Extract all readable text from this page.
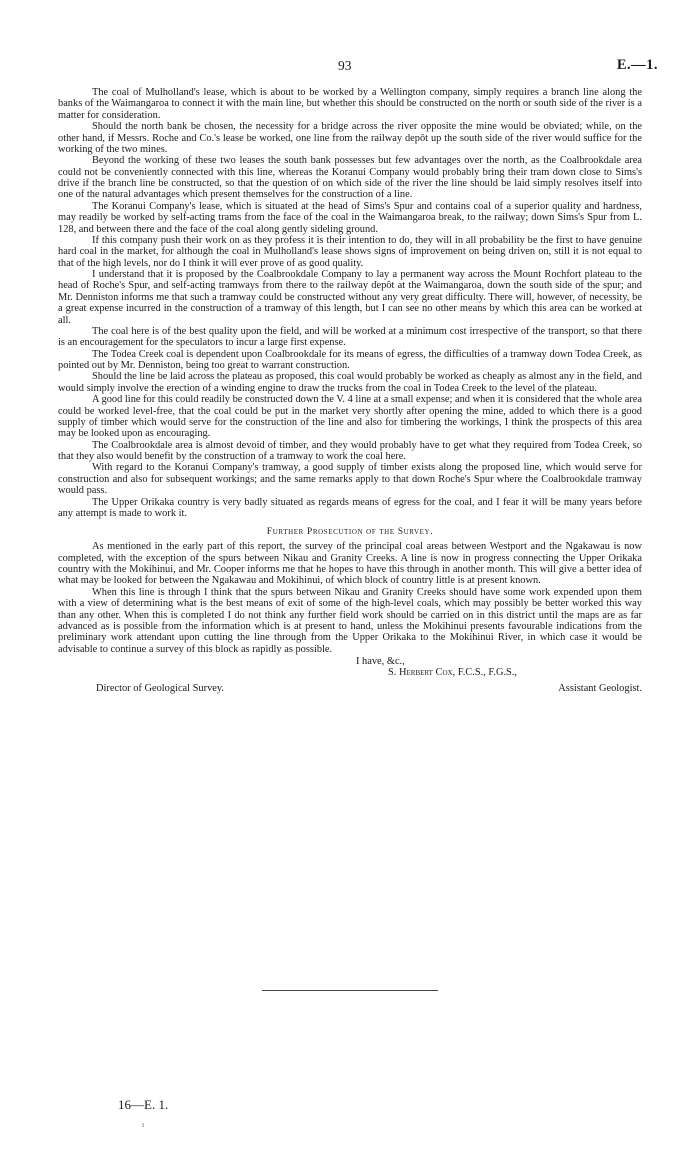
93	E.—1.

The coal of Mulholland's lease, which is about to be worked by a Wellington company, simply requires a branch line along the banks of the Waimangaroa to connect it with the main line, but whether this should be constructed on the north or south side of the river is a matter for consideration.

Should the north bank be chosen, the necessity for a bridge across the river opposite the mine would be obviated; while, on the other hand, if Messrs. Roche and Co.'s lease be worked, one line from the railway depôt up the south side of the river would suffice for the working of the two mines.

Beyond the working of these two leases the south bank possesses but few advantages over the north, as the Coalbrookdale area could not be conveniently connected with this line, whereas the Koranui Company would probably bring their tram down close to Sims's drive if the branch line be constructed, so that the question of on which side of the river the line should be laid simply resolves itself into one of the natural advantages which present themselves for the construction of a line.

The Koranui Company's lease, which is situated at the head of Sims's Spur and contains coal of a superior quality and hardness, may readily be worked by self-acting trams from the face of the coal in the Waimangaroa break, to the railway; down Sims's Spur from L. 128, and between there and the face of the coal along gently sideling ground.

If this company push their work on as they profess it is their intention to do, they will in all probability be the first to have genuine hard coal in the market, for although the coal in Mulholland's lease shows signs of improvement on being driven on, still it is not equal to that of the high levels, nor do I think it will ever prove of as good quality.

I understand that it is proposed by the Coalbrookdale Company to lay a permanent way across the Mount Rochfort plateau to the head of Roche's Spur, and self-acting tramways from there to the railway depôt at the Waimangaroa, down the south side of the spur; and Mr. Denniston informs me that such a tramway could be constructed without any very great difficulty. There will, however, of necessity, be a great expense incurred in the construction of a tramway of this length, but I can see no other means by which this area can be worked at all.

The coal here is of the best quality upon the field, and will be worked at a minimum cost irrespective of the transport, so that there is an encouragement for the speculators to incur a large first expense.

The Todea Creek coal is dependent upon Coalbrookdale for its means of egress, the difficulties of a tramway down Todea Creek, as pointed out by Mr. Denniston, being too great to warrant construction.

Should the line be laid across the plateau as proposed, this coal would probably be worked as cheaply as almost any in the field, and would simply involve the erection of a winding engine to draw the trucks from the coal in Todea Creek to the level of the plateau.

A good line for this could readily be constructed down the V. 4 line at a small expense; and when it is considered that the whole area could be worked level-free, that the coal could be put in the market very shortly after opening the mine, added to which there is a good supply of timber which would serve for the construction of the line and also for timbering the workings, I think the prospects of this area may be looked upon as encouraging.

The Coalbrookdale area is almost devoid of timber, and they would probably have to get what they required from Todea Creek, so that they also would benefit by the construction of a tramway to work the coal here.

With regard to the Koranui Company's tramway, a good supply of timber exists along the proposed line, which would serve for construction and also for subsequent workings; and the same remarks apply to that down Roche's Spur where the Coalbrookdale tramway would pass.

The Upper Orikaka country is very badly situated as regards means of egress for the coal, and I fear it will be many years before any attempt is made to work it.

Further Prosecution of the Survey.

As mentioned in the early part of this report, the survey of the principal coal areas between Westport and the Ngakawau is now completed, with the exception of the spurs between Nikau and Granity Creeks. A line is now in progress connecting the Upper Orikaka country with the Mokihinui, and Mr. Cooper informs me that he hopes to have this through in another month. This will give a better idea of what may be looked for between the Ngakawau and Mokihinui, of which block of country little is at present known.

When this line is through I think that the spurs between Nikau and Granity Creeks should have some work expended upon them with a view of determining what is the best means of exit of some of the high-level coals, which may possibly be better worked this way than any other. When this is completed I do not think any further field work should be carried on in this district until the maps are as far advanced as is possible from the information which is at present to hand, unless the Mokihinui presents favourable indications from the preliminary work attendant upon cutting the line through from the Upper Orikaka to the Mokihinui River, in which case it would be advisable to continue a survey of this block as rapidly as possible.

I have, &c.,
S. Herbert Cox, F.C.S., F.G.S.,
Director of Geological Survey.	Assistant Geologist.
16—E. 1.
ι
